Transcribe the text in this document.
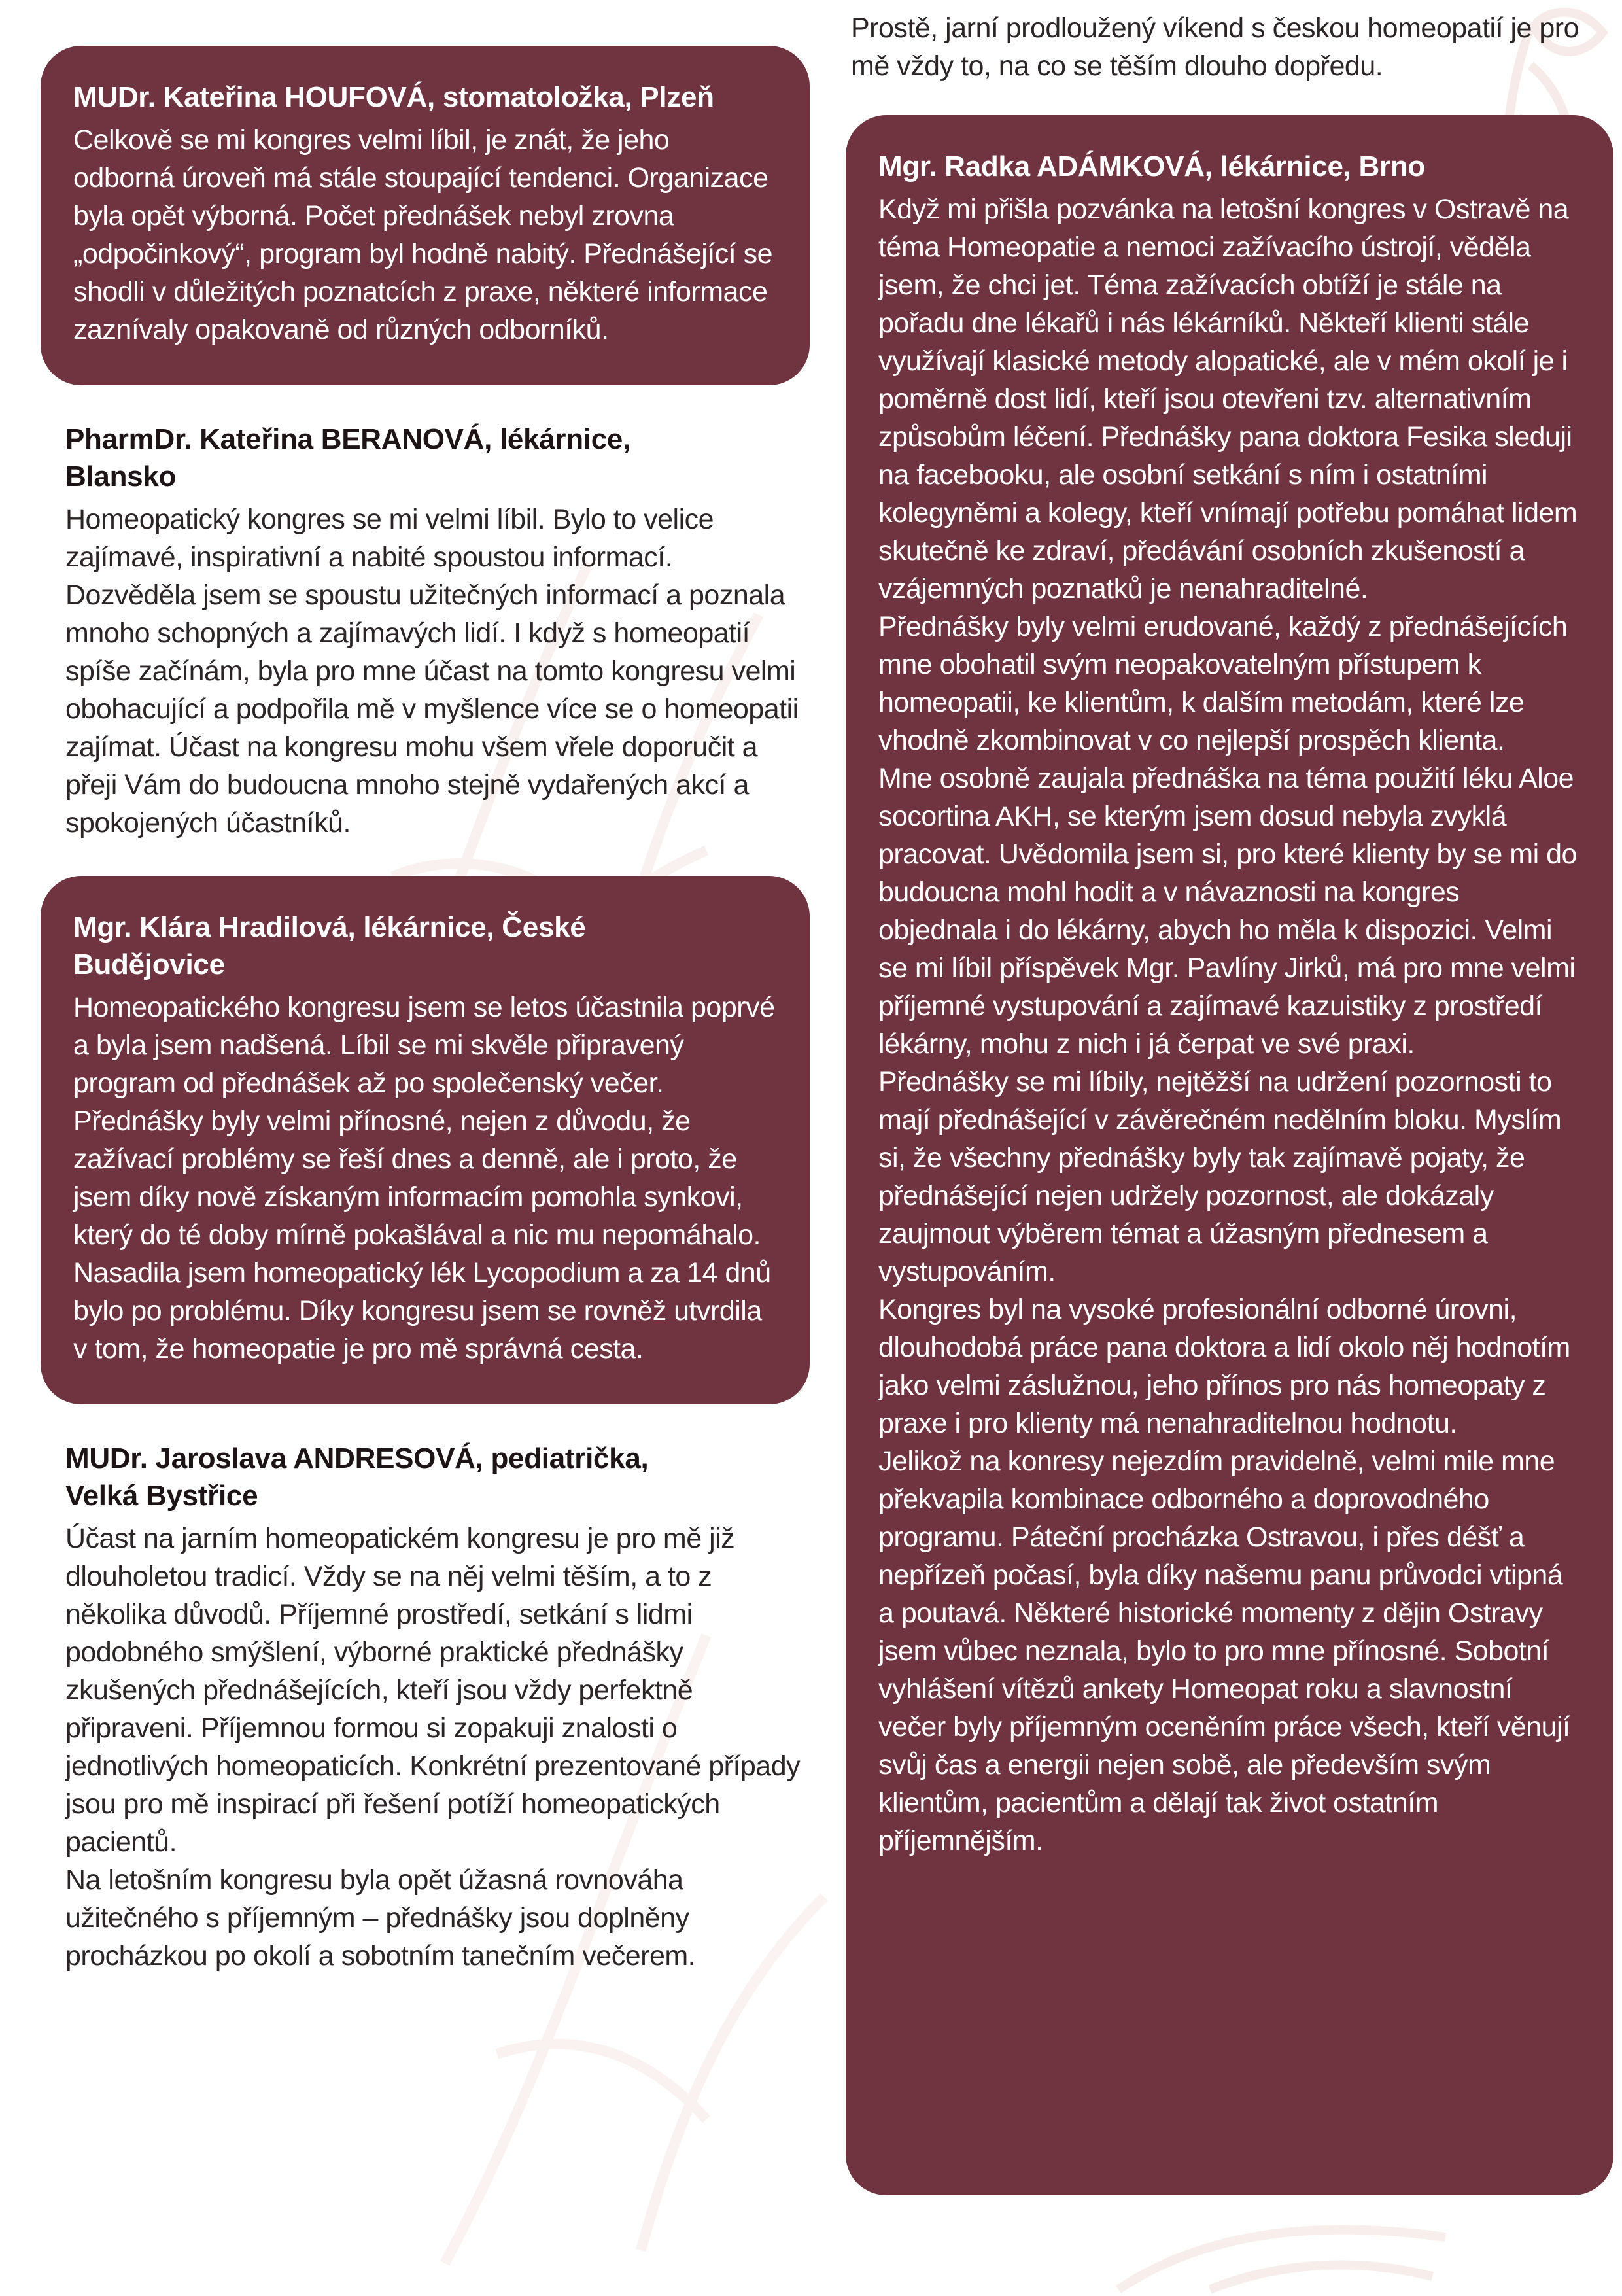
MUDr. Kateřina HOUFOVÁ, stomatoložka, Plzeň

Celkově se mi kongres velmi líbil, je znát, že jeho odborná úroveň má stále stoupající tendenci. Organizace byla opět výborná. Počet přednášek nebyl zrovna „odpočinkový“, program byl hodně nabitý. Přednášející se shodli v důležitých poznatcích z praxe, některé informace zaznívaly opakovaně od různých odborníků.

PharmDr. Kateřina BERANOVÁ, lékárnice, Blansko

Homeopatický kongres se mi velmi líbil. Bylo to velice zajímavé, inspirativní a nabité spoustou informací. Dozvěděla jsem se spoustu užitečných informací a poznala mnoho schopných a zajímavých lidí. I když s homeopatií spíše začínám, byla pro mne účast na tomto kongresu velmi obohacující a podpořila mě v myšlence více se o homeopatii zajímat. Účast na kongresu mohu všem vřele doporučit a přeji Vám do budoucna mnoho stejně vydařených akcí a spokojených účastníků.

Mgr. Klára Hradilová, lékárnice, České Budějovice

Homeopatického kongresu jsem se letos účastnila poprvé a byla jsem nadšená. Líbil se mi skvěle připravený program od přednášek až po společenský večer. Přednášky byly velmi přínosné, nejen z důvodu, že zažívací problémy se řeší dnes a denně, ale i proto, že jsem díky nově získaným informacím pomohla synkovi, který do té doby mírně pokašlával a nic mu nepomáhalo. Nasadila jsem homeopatický lék Lycopodium a za 14 dnů bylo po problému. Díky kongresu jsem se rovněž utvrdila v tom, že homeopatie je pro mě správná cesta.

MUDr. Jaroslava ANDRESOVÁ, pediatrička, Velká Bystřice

Účast na jarním homeopatickém kongresu je pro mě již dlouholetou tradicí. Vždy se na něj velmi těším, a to z několika důvodů. Příjemné prostředí, setkání s lidmi podobného smýšlení, výborné praktické přednášky zkušených přednášejících, kteří jsou vždy perfektně připraveni. Příjemnou formou si zopakuji znalosti o jednotlivých homeopaticích. Konkrétní prezentované případy jsou pro mě inspirací při řešení potíží homeopatických pacientů.

Na letošním kongresu byla opět úžasná rovnováha užitečného s příjemným – přednášky jsou doplněny procházkou po okolí a sobotním tanečním večerem.

Prostě, jarní prodloužený víkend s českou homeopatií je pro mě vždy to, na co se těším dlouho dopředu.

Mgr. Radka ADÁMKOVÁ, lékárnice, Brno

Když mi přišla pozvánka na letošní kongres v Ostravě na téma Homeopatie a nemoci zažívacího ústrojí, věděla jsem, že chci jet. Téma zažívacích obtíží je stále na pořadu dne lékařů i nás lékárníků. Někteří klienti stále využívají klasické metody alopatické, ale v mém okolí je i poměrně dost lidí, kteří jsou otevřeni tzv. alternativním způsobům léčení. Přednášky pana doktora Fesika sleduji na facebooku, ale osobní setkání s ním i ostatními kolegyněmi a kolegy, kteří vnímají potřebu pomáhat lidem skutečně ke zdraví, předávání osobních zkušeností a vzájemných poznatků je nenahraditelné.

Přednášky byly velmi erudované, každý z přednášejících mne obohatil svým neopakovatelným přístupem k homeopatii, ke klientům, k dalším metodám, které lze vhodně zkombinovat v co nejlepší prospěch klienta.

Mne osobně zaujala přednáška na téma použití léku Aloe socortina AKH, se kterým jsem dosud nebyla zvyklá pracovat. Uvědomila jsem si, pro které klienty by se mi do budoucna mohl hodit a v návaznosti na kongres objednala i do lékárny, abych ho měla k dispozici. Velmi se mi líbil příspěvek Mgr. Pavlíny Jirků, má pro mne velmi příjemné vystupování a zajímavé kazuistiky z prostředí lékárny, mohu z nich i já čerpat ve své praxi.

Přednášky se mi líbily, nejtěžší na udržení pozornosti to mají přednášející v závěrečném nedělním bloku. Myslím si, že všechny přednášky byly tak zajímavě pojaty, že přednášející nejen udržely pozornost, ale dokázaly zaujmout výběrem témat a úžasným přednesem a vystupováním.

Kongres byl na vysoké profesionální odborné úrovni, dlouhodobá práce pana doktora a lidí okolo něj hodnotím jako velmi záslužnou, jeho přínos pro nás homeopaty z praxe i pro klienty má nenahraditelnou hodnotu.

Jelikož na konresy nejezdím pravidelně, velmi mile mne překvapila kombinace odborného a doprovodného programu. Páteční procházka Ostravou, i přes déšť a nepřízeň počasí, byla díky našemu panu průvodci vtipná a poutavá. Některé historické momenty z dějin Ostravy jsem vůbec neznala, bylo to pro mne přínosné. Sobotní vyhlášení vítězů ankety Homeopat roku a slavnostní večer byly příjemným oceněním práce všech, kteří věnují svůj čas a energii nejen sobě, ale především svým klientům, pacientům a dělají tak život ostatním příjemnějším.
